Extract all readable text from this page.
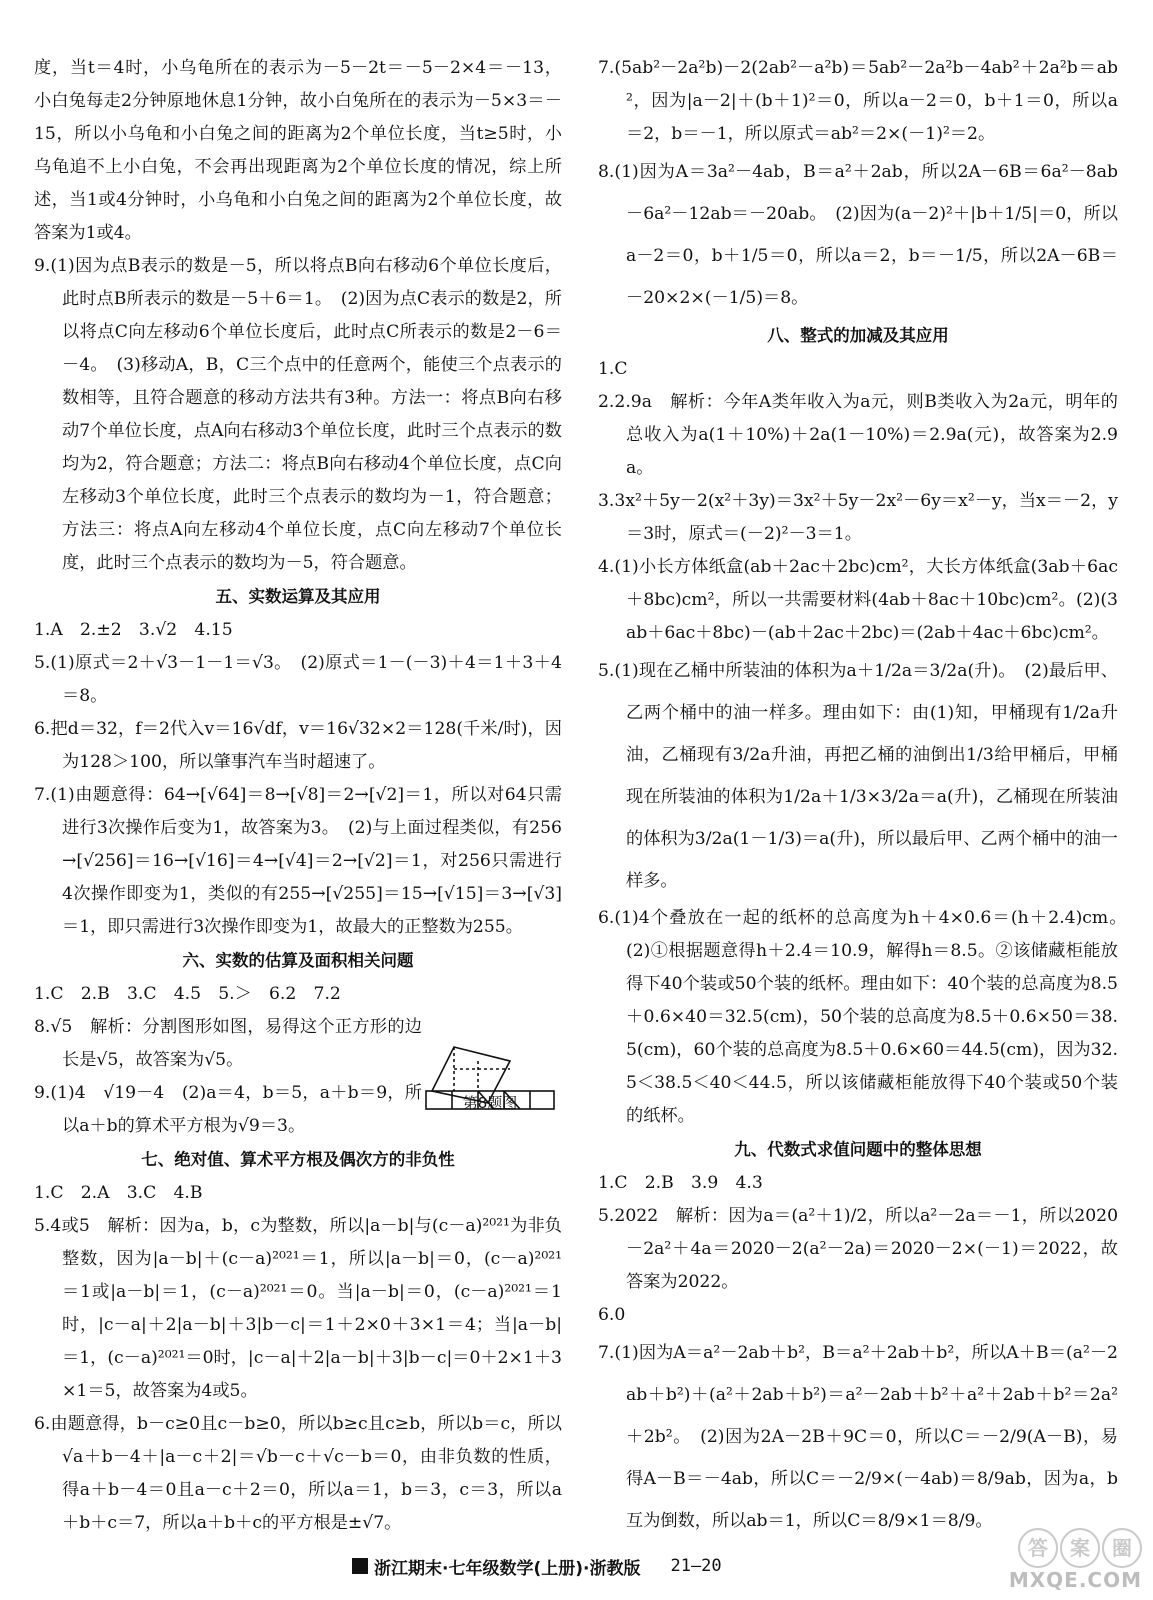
度，当t＝4时，小乌龟所在的表示为－5－2t＝－5－2×4＝－13，小白兔每走2分钟原地休息1分钟，故小白兔所在的表示为－5×3＝－15，所以小乌龟和小白兔之间的距离为2个单位长度，当t≥5时，小乌龟追不上小白兔，不会再出现距离为2个单位长度的情况，综上所述，当1或4分钟时，小乌龟和小白兔之间的距离为2个单位长度，故答案为1或4。

9.(1)因为点B表示的数是－5，所以将点B向右移动6个单位长度后，此时点B所表示的数是－5＋6＝1。　(2)因为点C表示的数是2，所以将点C向左移动6个单位长度后，此时点C所表示的数是2－6＝－4。　(3)移动A，B，C三个点中的任意两个，能使三个点表示的数相等，且符合题意的移动方法共有3种。方法一：将点B向右移动7个单位长度，点A向右移动3个单位长度，此时三个点表示的数均为2，符合题意；方法二：将点B向右移动4个单位长度，点C向左移动3个单位长度，此时三个点表示的数均为－1，符合题意；方法三：将点A向左移动4个单位长度，点C向左移动7个单位长度，此时三个点表示的数均为－5，符合题意。

五、实数运算及其应用

1.A　2.±2　3.√2　4.15

5.(1)原式＝2＋√3－1－1＝√3。　(2)原式＝1－(－3)＋4＝1＋3＋4＝8。

6.把d＝32，f＝2代入v＝16√df，v＝16√32×2＝128(千米/时)，因为128＞100，所以肇事汽车当时超速了。

7.(1)由题意得：64→[√64]＝8→[√8]＝2→[√2]＝1，所以对64只需进行3次操作后变为1，故答案为3。　(2)与上面过程类似，有256→[√256]＝16→[√16]＝4→[√4]＝2→[√2]＝1，对256只需进行4次操作即变为1，类似的有255→[√255]＝15→[√15]＝3→[√3]＝1，即只需进行3次操作即变为1，故最大的正整数为255。

六、实数的估算及面积相关问题

1.C　2.B　3.C　4.5　5.＞　6.2　7.2

8.√5　解析：分割图形如图，易得这个正方形的边长是√5，故答案为√5。

9.(1)4　√19－4　(2)a＝4，b＝5，a＋b＝9，所以a＋b的算术平方根为√9＝3。

七、绝对值、算术平方根及偶次方的非负性

1.C　2.A　3.C　4.B

5.4或5　解析：因为a，b，c为整数，所以|a－b|与(c－a)²⁰²¹为非负整数，因为|a－b|＋(c－a)²⁰²¹＝1，所以|a－b|＝0，(c－a)²⁰²¹＝1或|a－b|＝1，(c－a)²⁰²¹＝0。当|a－b|＝0，(c－a)²⁰²¹＝1时，|c－a|＋2|a－b|＋3|b－c|＝1＋2×0＋3×1＝4；当|a－b|＝1，(c－a)²⁰²¹＝0时，|c－a|＋2|a－b|＋3|b－c|＝0＋2×1＋3×1＝5，故答案为4或5。

6.由题意得，b－c≥0且c－b≥0，所以b≥c且c≥b，所以b＝c，所以√a＋b－4＋|a－c＋2|＝√b－c＋√c－b＝0，由非负数的性质，得a＋b－4＝0且a－c＋2＝0，所以a＝1，b＝3，c＝3，所以a＋b＋c＝7，所以a＋b＋c的平方根是±√7。

第8题图

7.(5ab²－2a²b)－2(2ab²－a²b)＝5ab²－2a²b－4ab²＋2a²b＝ab²，因为|a－2|＋(b＋1)²＝0，所以a－2＝0，b＋1＝0，所以a＝2，b＝－1，所以原式＝ab²＝2×(－1)²＝2。

8.(1)因为A＝3a²－4ab，B＝a²＋2ab，所以2A－6B＝6a²－8ab－6a²－12ab＝－20ab。　(2)因为(a－2)²＋|b＋1/5|＝0，所以a－2＝0，b＋1/5＝0，所以a＝2，b＝－1/5，所以2A－6B＝－20×2×(－1/5)＝8。

八、整式的加减及其应用

1.C

2.2.9a　解析：今年A类年收入为a元，则B类收入为2a元，明年的总收入为a(1＋10%)＋2a(1－10%)＝2.9a(元)，故答案为2.9a。

3.3x²＋5y－2(x²＋3y)＝3x²＋5y－2x²－6y＝x²－y，当x＝－2，y＝3时，原式＝(－2)²－3＝1。

4.(1)小长方体纸盒(ab＋2ac＋2bc)cm²，大长方体纸盒(3ab＋6ac＋8bc)cm²，所以一共需要材料(4ab＋8ac＋10bc)cm²。(2)(3ab＋6ac＋8bc)－(ab＋2ac＋2bc)＝(2ab＋4ac＋6bc)cm²。

5.(1)现在乙桶中所装油的体积为a＋1/2a＝3/2a(升)。　(2)最后甲、乙两个桶中的油一样多。理由如下：由(1)知，甲桶现有1/2a升油，乙桶现有3/2a升油，再把乙桶的油倒出1/3给甲桶后，甲桶现在所装油的体积为1/2a＋1/3×3/2a＝a(升)，乙桶现在所装油的体积为3/2a(1－1/3)＝a(升)，所以最后甲、乙两个桶中的油一样多。

6.(1)4个叠放在一起的纸杯的总高度为h＋4×0.6＝(h＋2.4)cm。　(2)①根据题意得h＋2.4＝10.9，解得h＝8.5。②该储藏柜能放得下40个装或50个装的纸杯。理由如下：40个装的总高度为8.5＋0.6×40＝32.5(cm)，50个装的总高度为8.5＋0.6×50＝38.5(cm)，60个装的总高度为8.5＋0.6×60＝44.5(cm)，因为32.5＜38.5＜40＜44.5，所以该储藏柜能放得下40个装或50个装的纸杯。

九、代数式求值问题中的整体思想

1.C　2.B　3.9　4.3

5.2022　解析：因为a＝(a²＋1)/2，所以a²－2a＝－1，所以2020－2a²＋4a＝2020－2(a²－2a)＝2020－2×(－1)＝2022，故答案为2022。

6.0

7.(1)因为A＝a²－2ab＋b²，B＝a²＋2ab＋b²，所以A＋B＝(a²－2ab＋b²)＋(a²＋2ab＋b²)＝a²－2ab＋b²＋a²＋2ab＋b²＝2a²＋2b²。　(2)因为2A－2B＋9C＝0，所以C＝－2/9(A－B)，易得A－B＝－4ab，所以C＝－2/9×(－4ab)＝8/9ab，因为a，b互为倒数，所以ab＝1，所以C＝8/9×1＝8/9。

浙江期末·七年级数学(上册)·浙教版 21—20
答	案	圈
MXQE.COM
